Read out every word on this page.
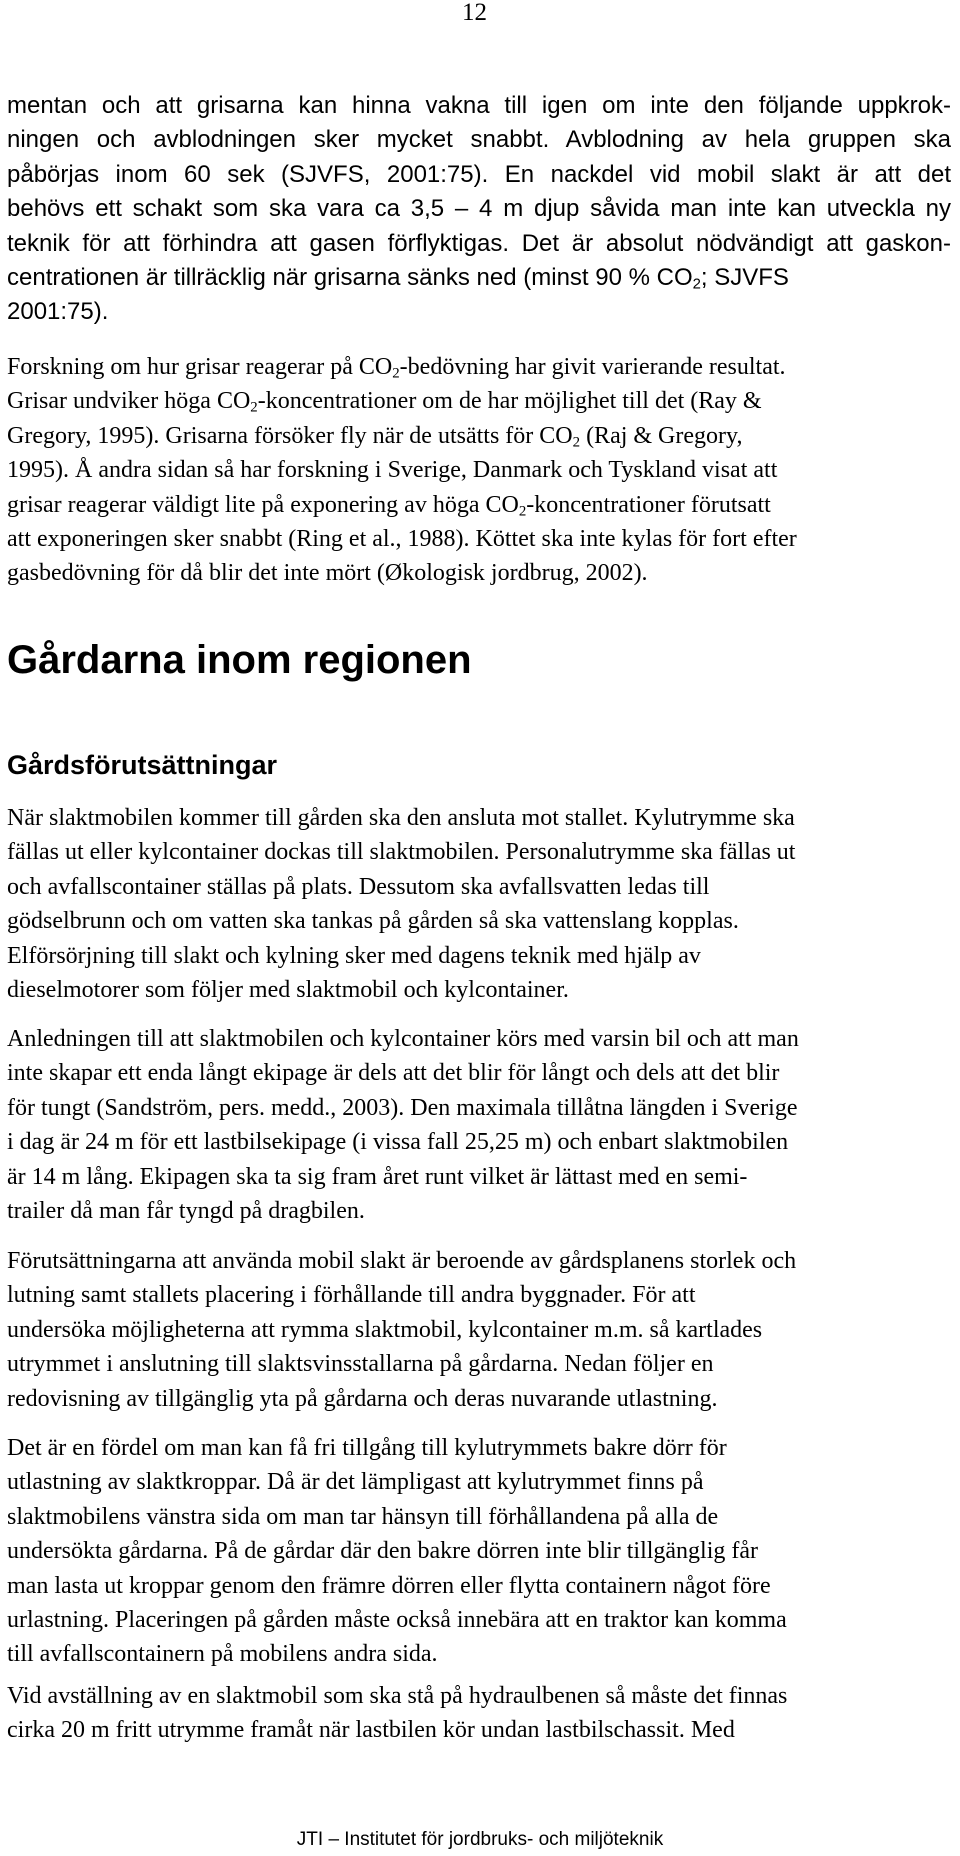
12
mentan och att grisarna kan hinna vakna till igen om inte den följande uppkrok-
ningen och avblodningen sker mycket snabbt. Avblodning av hela gruppen ska
påbörjas inom 60 sek (SJVFS, 2001:75). En nackdel vid mobil slakt är att det
behövs ett schakt som ska vara ca 3,5 – 4 m djup såvida man inte kan utveckla ny
teknik för att förhindra att gasen förflyktigas. Det är absolut nödvändigt att gaskon-
centrationen är tillräcklig när grisarna sänks ned (minst 90 % $CO_2$; SJVFS
2001:75).
Forskning om hur grisar reagerar på $CO_2$-bedövning har givit varierande resultat.
Grisar undviker höga $CO_2$-koncentrationer om de har möjlighet till det (Ray &
Gregory, 1995). Grisarna försöker fly när de utsätts för $CO_2$ (Raj & Gregory,
1995). Å andra sidan så har forskning i Sverige, Danmark och Tyskland visat att
grisar reagerar väldigt lite på exponering av höga $CO_2$-koncentrationer förutsatt
att exponeringen sker snabbt (Ring et al., 1988). Köttet ska inte kylas för fort efter
gasbedövning för då blir det inte mört (Økologisk jordbrug, 2002).
Gårdarna inom regionen
Gårdsförutsättningar
När slaktmobilen kommer till gården ska den ansluta mot stallet. Kylutrymme ska
fällas ut eller kylcontainer dockas till slaktmobilen. Personalutrymme ska fällas ut
och avfallscontainer ställas på plats. Dessutom ska avfallsvatten ledas till
gödselbrunn och om vatten ska tankas på gården så ska vattenslang kopplas.
Elförsörjning till slakt och kylning sker med dagens teknik med hjälp av
dieselmotorer som följer med slaktmobil och kylcontainer.
Anledningen till att slaktmobilen och kylcontainer körs med varsin bil och att man
inte skapar ett enda långt ekipage är dels att det blir för långt och dels att det blir
för tungt (Sandström, pers. medd., 2003). Den maximala tillåtna längden i Sverige
i dag är 24 m för ett lastbilsekipage (i vissa fall 25,25 m) och enbart slaktmobilen
är 14 m lång. Ekipagen ska ta sig fram året runt vilket är lättast med en semi-
trailer då man får tyngd på dragbilen.
Förutsättningarna att använda mobil slakt är beroende av gårdsplanens storlek och
lutning samt stallets placering i förhållande till andra byggnader. För att
undersöka möjligheterna att rymma slaktmobil, kylcontainer m.m. så kartlades
utrymmet i anslutning till slaktsvinsstallarna på gårdarna. Nedan följer en
redovisning av tillgänglig yta på gårdarna och deras nuvarande utlastning.
Det är en fördel om man kan få fri tillgång till kylutrymmets bakre dörr för
utlastning av slaktkroppar. Då är det lämpligast att kylutrymmet finns på
slaktmobilens vänstra sida om man tar hänsyn till förhållandena på alla de
undersökta gårdarna. På de gårdar där den bakre dörren inte blir tillgänglig får
man lasta ut kroppar genom den främre dörren eller flytta containern något före
urlastning. Placeringen på gården måste också innebära att en traktor kan komma
till avfallscontainern på mobilens andra sida.
Vid avställning av en slaktmobil som ska stå på hydraulbenen så måste det finnas
cirka 20 m fritt utrymme framåt när lastbilen kör undan lastbilschassit. Med
JTI – Institutet för jordbruks- och miljöteknik
